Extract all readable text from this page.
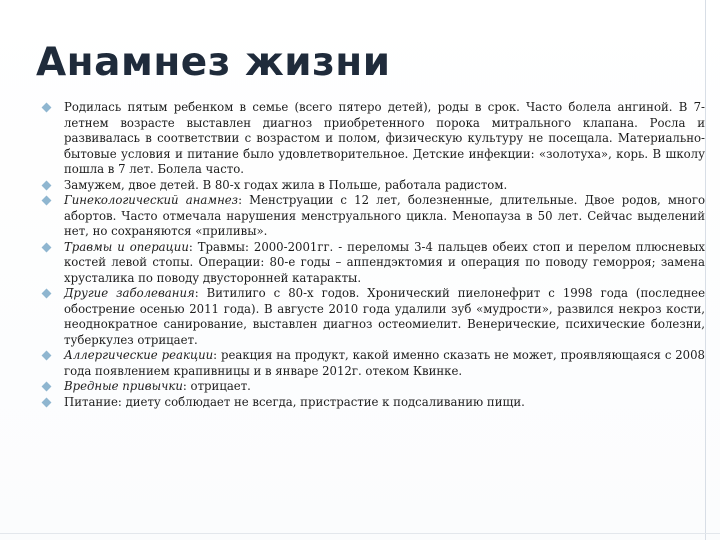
Анамнез жизни
Родилась пятым ребенком в семье (всего пятеро детей), роды в срок. Часто болела ангиной. В 7-летнем возрасте выставлен диагноз приобретенного порока митрального клапана. Росла и развивалась в соответствии с возрастом и полом, физическую культуру не посещала. Материально-бытовые условия и питание было удовлетворительное. Детские инфекции: «золотуха», корь. В школу пошла в 7 лет. Болела часто.
Замужем, двое детей. В 80-х годах жила в Польше, работала радистом.
Гинекологический анамнез: Менструации с 12 лет, болезненные, длительные. Двое родов, много абортов. Часто отмечала нарушения менструального цикла. Менопауза в 50 лет. Сейчас выделений нет, но сохраняются «приливы».
Травмы и операции: Травмы: 2000-2001гг. - переломы 3-4 пальцев обеих стоп и перелом плюсневых костей левой стопы. Операции: 80-е годы – аппендэктомия и операция по поводу геморроя; замена хрусталика по поводу двусторонней катаракты.
Другие заболевания: Витилиго с 80-х годов. Хронический пиелонефрит с 1998 года (последнее обострение осенью 2011 года). В августе 2010 года удалили зуб «мудрости», развился некроз кости, неоднократное санирование, выставлен диагноз остеомиелит. Венерические, психические болезни, туберкулез отрицает.
Аллергические реакции: реакция на продукт, какой именно сказать не может, проявляющаяся с 2008 года появлением крапивницы и в январе 2012г. отеком Квинке.
Вредные привычки: отрицает.
Питание: диету соблюдает не всегда, пристрастие к подсаливанию пищи.
